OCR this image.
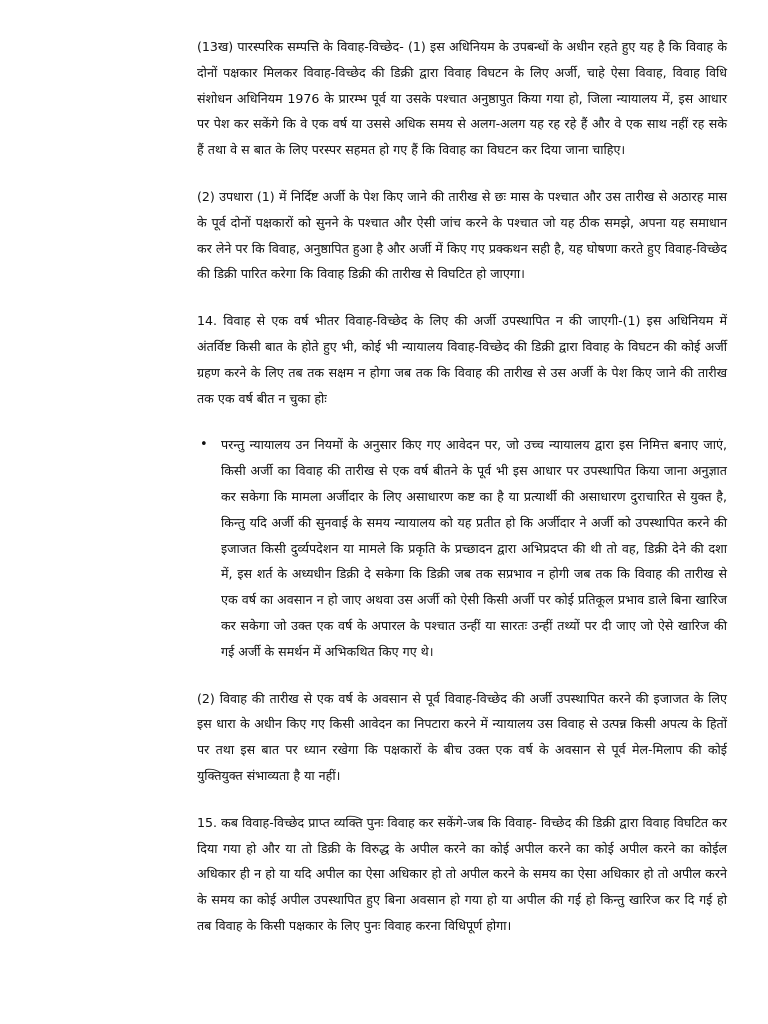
(13ख) पारस्परिक सम्पत्ति के विवाह-विच्छेद- (1) इस अधिनियम के उपबन्धों के अधीन रहते हुए यह है कि विवाह के दोनों पक्षकार मिलकर विवाह-विच्छेद की डिक्री द्वारा विवाह विघटन के लिए अर्जी, चाहे ऐसा विवाह, विवाह विधि संशोधन अधिनियम 1976 के प्रारम्भ पूर्व या उसके पश्चात अनुष्ठापुत किया गया हो, जिला न्यायालय में, इस आधार पर पेश कर सकेंगे कि वे एक वर्ष या उससे अधिक समय से अलग-अलग यह रह रहे हैं और वे एक साथ नहीं रह सके हैं तथा वे स बात के लिए परस्पर सहमत हो गए हैं कि विवाह का विघटन कर दिया जाना चाहिए।

(2) उपधारा (1) में निर्दिष्ट अर्जी के पेश किए जाने की तारीख से छः मास के पश्चात और उस तारीख से अठारह मास के पूर्व दोनों पक्षकारों को सुनने के पश्चात और ऐसी जांच करने के पश्चात जो यह ठीक समझे, अपना यह समाधान कर लेने पर कि विवाह, अनुष्ठापित हुआ है और अर्जी में किए गए प्रक्कथन सही है, यह घोषणा करते हुए विवाह-विच्छेद की डिक्री पारित करेगा कि विवाह डिक्री की तारीख से विघटित हो जाएगा।

14. विवाह से एक वर्ष भीतर विवाह-विच्छेद के लिए की अर्जी उपस्थापित न की जाएगी-(1) इस अधिनियम में अंतर्विष्ट किसी बात के होते हुए भी, कोई भी न्यायालय विवाह-विच्छेद की डिक्री द्वारा विवाह के विघटन की कोई अर्जी ग्रहण करने के लिए तब तक सक्षम न होगा जब तक कि विवाह की तारीख से उस अर्जी के पेश किए जाने की तारीख तक एक वर्ष बीत न चुका होः

• परन्तु न्यायालय उन नियमों के अनुसार किए गए आवेदन पर, जो उच्च न्यायालय द्वारा इस निमित्त बनाए जाएं, किसी अर्जी का विवाह की तारीख से एक वर्ष बीतने के पूर्व भी इस आधार पर उपस्थापित किया जाना अनुज्ञात कर सकेगा कि मामला अर्जीदार के लिए असाधारण कष्ट का है या प्रत्यार्थी की असाधारण दुराचारित से युक्त है, किन्तु यदि अर्जी की सुनवाई के समय न्यायालय को यह प्रतीत हो कि अर्जीदार ने अर्जी को उपस्थापित करने की इजाजत किसी दुर्व्यपदेशन या मामले कि प्रकृति के प्रच्छादन द्वारा अभिप्रदप्त की थी तो वह, डिक्री देने की दशा में, इस शर्त के अध्यधीन डिक्री दे सकेगा कि डिक्री जब तक सप्रभाव न होगी जब तक कि विवाह की तारीख से एक वर्ष का अवसान न हो जाए अथवा उस अर्जी को ऐसी किसी अर्जी पर कोई प्रतिकूल प्रभाव डाले बिना खारिज कर सकेगा जो उक्त एक वर्ष के अपारल के पश्चात उन्हीं या सारतः उन्हीं तथ्यों पर दी जाए जो ऐसे खारिज की गई अर्जी के समर्थन में अभिकथित किए गए थे।

(2) विवाह की तारीख से एक वर्ष के अवसान से पूर्व विवाह-विच्छेद की अर्जी उपस्थापित करने की इजाजत के लिए इस धारा के अधीन किए गए किसी आवेदन का निपटारा करने में न्यायालय उस विवाह से उत्पन्न किसी अपत्य के हितों पर तथा इस बात पर ध्यान रखेगा कि पक्षकारों के बीच उक्त एक वर्ष के अवसान से पूर्व मेल-मिलाप की कोई युक्तियुक्त संभाव्यता है या नहीं।

15. कब विवाह-विच्छेद प्राप्त व्यक्ति पुनः विवाह कर सकेंगे-जब कि विवाह- विच्छेद की डिक्री द्वारा विवाह विघटित कर दिया गया हो और या तो डिक्री के विरुद्ध के अपील करने का कोई अपील करने का कोई अपील करने का कोईल अधिकार ही न हो या यदि अपील का ऐसा अधिकार हो तो अपील करने के समय का ऐसा अधिकार हो तो अपील करने के समय का कोई अपील उपस्थापित हुए बिना अवसान हो गया हो या अपील की गई हो किन्तु खारिज कर दि गई हो तब विवाह के किसी पक्षकार के लिए पुनः विवाह करना विधिपूर्ण होगा।
